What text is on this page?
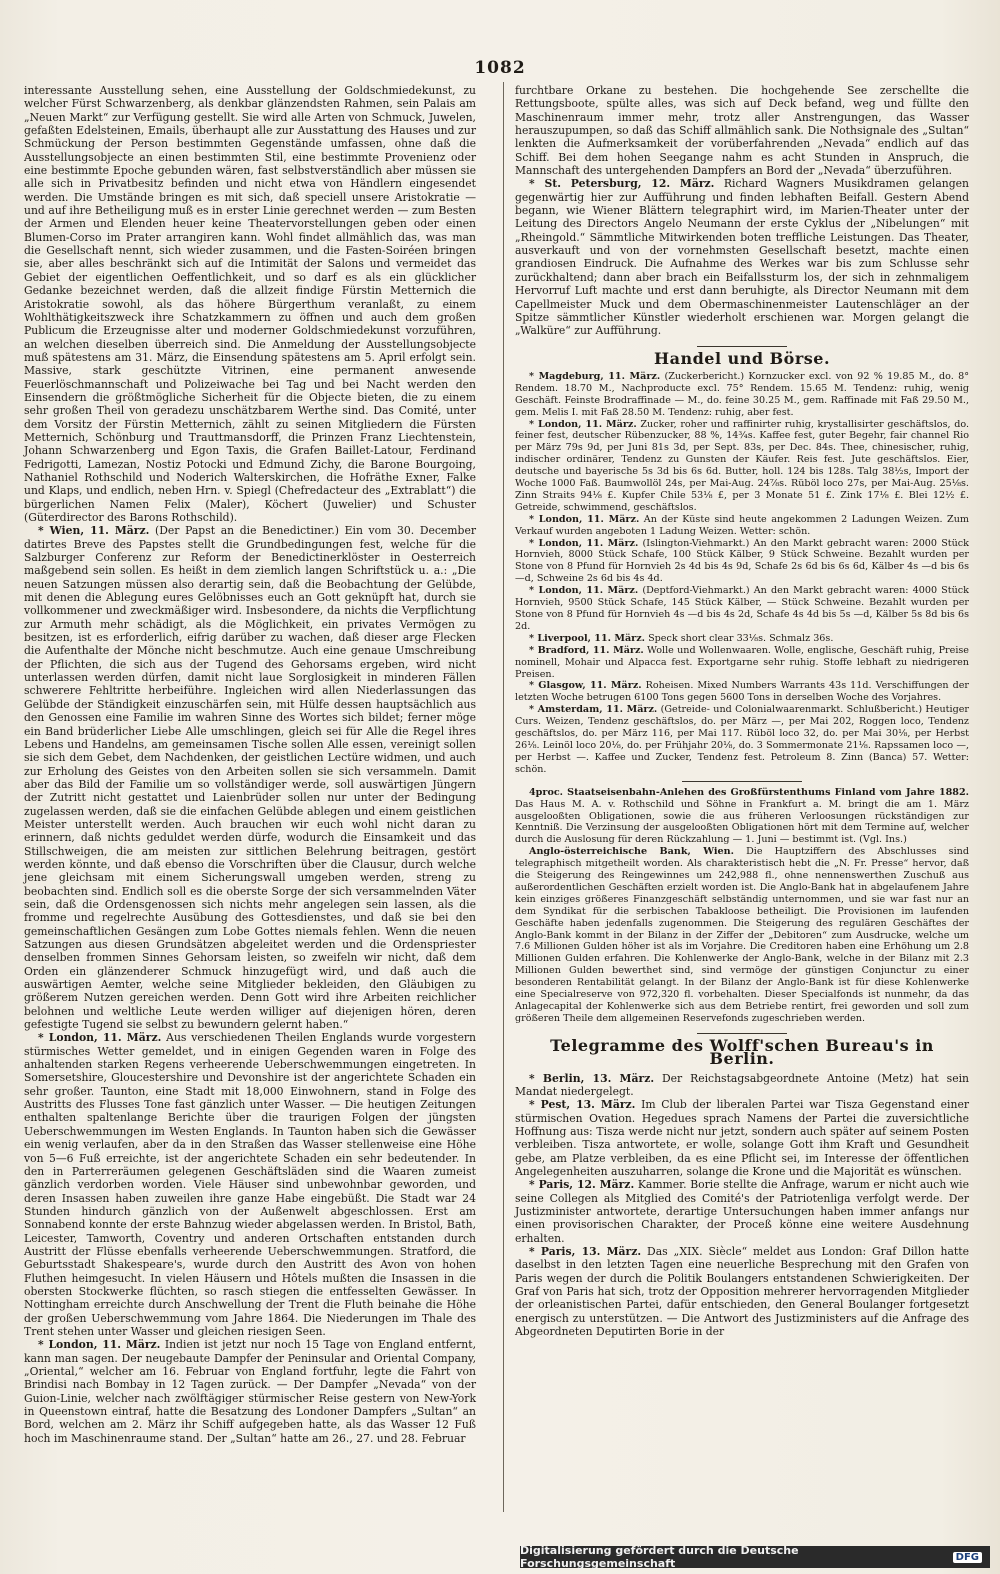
1082

interessante Ausstellung sehen, eine Ausstellung der Goldschmiedekunst, zu welcher Fürst Schwarzenberg, als denkbar glänzendsten Rahmen, sein Palais am „Neuen Markt“ zur Verfügung gestellt. Sie wird alle Arten von Schmuck, Juwelen, gefaßten Edelsteinen, Emails, überhaupt alle zur Ausstattung des Hauses und zur Schmückung der Person bestimmten Gegenstände umfassen, ohne daß die Ausstellungsobjecte an einen bestimmten Stil, eine bestimmte Provenienz oder eine bestimmte Epoche gebunden wären, fast selbstverständlich aber müssen sie alle sich in Privatbesitz befinden und nicht etwa von Händlern eingesendet werden. Die Umstände bringen es mit sich, daß speciell unsere Aristokratie — und auf ihre Betheiligung muß es in erster Linie gerechnet werden — zum Besten der Armen und Elenden heuer keine Theatervorstellungen geben oder einen Blumen-Corso im Prater arrangiren kann. Wohl findet allmählich das, was man die Gesellschaft nennt, sich wieder zusammen, und die Fasten-Soiréen bringen sie, aber alles beschränkt sich auf die Intimität der Salons und vermeidet das Gebiet der eigentlichen Oeffentlichkeit, und so darf es als ein glücklicher Gedanke bezeichnet werden, daß die allzeit findige Fürstin Metternich die Aristokratie sowohl, als das höhere Bürgerthum veranlaßt, zu einem Wohlthätigkeitszweck ihre Schatzkammern zu öffnen und auch dem großen Publicum die Erzeugnisse alter und moderner Goldschmiedekunst vorzuführen, an welchen dieselben überreich sind. Die Anmeldung der Ausstellungsobjecte muß spätestens am 31. März, die Einsendung spätestens am 5. April erfolgt sein. Massive, stark geschützte Vitrinen, eine permanent anwesende Feuerlöschmannschaft und Polizeiwache bei Tag und bei Nacht werden den Einsendern die größtmögliche Sicherheit für die Objecte bieten, die zu einem sehr großen Theil von geradezu unschätzbarem Werthe sind. Das Comité, unter dem Vorsitz der Fürstin Metternich, zählt zu seinen Mitgliedern die Fürsten Metternich, Schönburg und Trauttmansdorff, die Prinzen Franz Liechtenstein, Johann Schwarzenberg und Egon Taxis, die Grafen Baillet-Latour, Ferdinand Fedrigotti, Lamezan, Nostiz Potocki und Edmund Zichy, die Barone Bourgoing, Nathaniel Rothschild und Noderich Walterskirchen, die Hofräthe Exner, Falke und Klaps, und endlich, neben Hrn. v. Spiegl (Chefredacteur des „Extrablatt“) die bürgerlichen Namen Felix (Maler), Köchert (Juwelier) und Schuster (Güterdirector des Barons Rothschild).

* Wien, 11. März. (Der Papst an die Benedictiner.) Ein vom 30. December datirtes Breve des Papstes stellt die Grundbedingungen fest, welche für die Salzburger Conferenz zur Reform der Benedictinerklöster in Oesterreich maßgebend sein sollen. Es heißt in dem ziemlich langen Schriftstück u. a.: „Die neuen Satzungen müssen also derartig sein, daß die Beobachtung der Gelübde, mit denen die Ablegung eures Gelöbnisses euch an Gott geknüpft hat, durch sie vollkommener und zweckmäßiger wird. Insbesondere, da nichts die Verpflichtung zur Armuth mehr schädigt, als die Möglichkeit, ein privates Vermögen zu besitzen, ist es erforderlich, eifrig darüber zu wachen, daß dieser arge Flecken die Aufenthalte der Mönche nicht beschmutze. Auch eine genaue Umschreibung der Pflichten, die sich aus der Tugend des Gehorsams ergeben, wird nicht unterlassen werden dürfen, damit nicht laue Sorglosigkeit in minderen Fällen schwerere Fehltritte herbeiführe. Ingleichen wird allen Niederlassungen das Gelübde der Ständigkeit einzuschärfen sein, mit Hülfe dessen hauptsächlich aus den Genossen eine Familie im wahren Sinne des Wortes sich bildet; ferner möge ein Band brüderlicher Liebe Alle umschlingen, gleich sei für Alle die Regel ihres Lebens und Handelns, am gemeinsamen Tische sollen Alle essen, vereinigt sollen sie sich dem Gebet, dem Nachdenken, der geistlichen Lectüre widmen, und auch zur Erholung des Geistes von den Arbeiten sollen sie sich versammeln. Damit aber das Bild der Familie um so vollständiger werde, soll auswärtigen Jüngern der Zutritt nicht gestattet und Laienbrüder sollen nur unter der Bedingung zugelassen werden, daß sie die einfachen Gelübde ablegen und einem geistlichen Meister unterstellt werden. Auch brauchen wir euch wohl nicht daran zu erinnern, daß nichts geduldet werden dürfe, wodurch die Einsamkeit und das Stillschweigen, die am meisten zur sittlichen Belehrung beitragen, gestört werden könnte, und daß ebenso die Vorschriften über die Clausur, durch welche jene gleichsam mit einem Sicherungswall umgeben werden, streng zu beobachten sind. Endlich soll es die oberste Sorge der sich versammelnden Väter sein, daß die Ordensgenossen sich nichts mehr angelegen sein lassen, als die fromme und regelrechte Ausübung des Gottesdienstes, und daß sie bei den gemeinschaftlichen Gesängen zum Lobe Gottes niemals fehlen. Wenn die neuen Satzungen aus diesen Grundsätzen abgeleitet werden und die Ordenspriester denselben frommen Sinnes Gehorsam leisten, so zweifeln wir nicht, daß dem Orden ein glänzenderer Schmuck hinzugefügt wird, und daß auch die auswärtigen Aemter, welche seine Mitglieder bekleiden, den Gläubigen zu größerem Nutzen gereichen werden. Denn Gott wird ihre Arbeiten reichlicher belohnen und weltliche Leute werden williger auf diejenigen hören, deren gefestigte Tugend sie selbst zu bewundern gelernt haben.“

* London, 11. März. Aus verschiedenen Theilen Englands wurde vorgestern stürmisches Wetter gemeldet, und in einigen Gegenden waren in Folge des anhaltenden starken Regens verheerende Ueberschwemmungen eingetreten. In Somersetshire, Gloucestershire und Devonshire ist der angerichtete Schaden ein sehr großer. Taunton, eine Stadt mit 18,000 Einwohnern, stand in Folge des Austritts des Flusses Tone fast gänzlich unter Wasser. — Die heutigen Zeitungen enthalten spaltenlange Berichte über die traurigen Folgen der jüngsten Ueberschwemmungen im Westen Englands. In Taunton haben sich die Gewässer ein wenig verlaufen, aber da in den Straßen das Wasser stellenweise eine Höhe von 5—6 Fuß erreichte, ist der angerichtete Schaden ein sehr bedeutender. In den in Parterreräumen gelegenen Geschäftsläden sind die Waaren zumeist gänzlich verdorben worden. Viele Häuser sind unbewohnbar geworden, und deren Insassen haben zuweilen ihre ganze Habe eingebüßt. Die Stadt war 24 Stunden hindurch gänzlich von der Außenwelt abgeschlossen. Erst am Sonnabend konnte der erste Bahnzug wieder abgelassen werden. In Bristol, Bath, Leicester, Tamworth, Coventry und anderen Ortschaften entstanden durch Austritt der Flüsse ebenfalls verheerende Ueberschwemmungen. Stratford, die Geburtsstadt Shakespeare's, wurde durch den Austritt des Avon von hohen Fluthen heimgesucht. In vielen Häusern und Hôtels mußten die Insassen in die obersten Stockwerke flüchten, so rasch stiegen die entfesselten Gewässer. In Nottingham erreichte durch Anschwellung der Trent die Fluth beinahe die Höhe der großen Ueberschwemmung vom Jahre 1864. Die Niederungen im Thale des Trent stehen unter Wasser und gleichen riesigen Seen.

* London, 11. März. Indien ist jetzt nur noch 15 Tage von England entfernt, kann man sagen. Der neugebaute Dampfer der Peninsular and Oriental Company, „Oriental,“ welcher am 16. Februar von England fortfuhr, legte die Fahrt von Brindisi nach Bombay in 12 Tagen zurück. — Der Dampfer „Nevada“ von der Guion-Linie, welcher nach zwölftägiger stürmischer Reise gestern von New-York in Queenstown eintraf, hatte die Besatzung des Londoner Dampfers „Sultan“ an Bord, welchen am 2. März ihr Schiff aufgegeben hatte, als das Wasser 12 Fuß hoch im Maschinenraume stand. Der „Sultan“ hatte am 26., 27. und 28. Februar

furchtbare Orkane zu bestehen. Die hochgehende See zerschellte die Rettungsboote, spülte alles, was sich auf Deck befand, weg und füllte den Maschinenraum immer mehr, trotz aller Anstrengungen, das Wasser herauszupumpen, so daß das Schiff allmählich sank. Die Nothsignale des „Sultan“ lenkten die Aufmerksamkeit der vorüberfahrenden „Nevada“ endlich auf das Schiff. Bei dem hohen Seegange nahm es acht Stunden in Anspruch, die Mannschaft des untergehenden Dampfers an Bord der „Nevada“ überzuführen.

* St. Petersburg, 12. März. Richard Wagners Musikdramen gelangen gegenwärtig hier zur Aufführung und finden lebhaften Beifall. Gestern Abend begann, wie Wiener Blättern telegraphirt wird, im Marien-Theater unter der Leitung des Directors Angelo Neumann der erste Cyklus der „Nibelungen“ mit „Rheingold.“ Sämmtliche Mitwirkenden boten treffliche Leistungen. Das Theater, ausverkauft und von der vornehmsten Gesellschaft besetzt, machte einen grandiosen Eindruck. Die Aufnahme des Werkes war bis zum Schlusse sehr zurückhaltend; dann aber brach ein Beifallssturm los, der sich in zehnmaligem Hervorruf Luft machte und erst dann beruhigte, als Director Neumann mit dem Capellmeister Muck und dem Obermaschinenmeister Lautenschläger an der Spitze sämmtlicher Künstler wiederholt erschienen war. Morgen gelangt die „Walküre“ zur Aufführung.

Handel und Börse.

* Magdeburg, 11. März. (Zuckerbericht.) Kornzucker excl. von 92 % 19.85 M., do. 8° Rendem. 18.70 M., Nachproducte excl. 75° Rendem. 15.65 M. Tendenz: ruhig, wenig Geschäft. Feinste Brodraffinade — M., do. feine 30.25 M., gem. Raffinade mit Faß 29.50 M., gem. Melis I. mit Faß 28.50 M. Tendenz: ruhig, aber fest.

* London, 11. März. Zucker, roher und raffinirter ruhig, krystallisirter geschäftslos, do. feiner fest, deutscher Rübenzucker, 88 %, 14¾s. Kaffee fest, guter Begehr, fair channel Rio per März 79s 9d, per Juni 81s 3d, per Sept. 83s, per Dec. 84s. Thee, chinesischer, ruhig, indischer ordinärer, Tendenz zu Gunsten der Käufer. Reis fest. Jute geschäftslos. Eier, deutsche und bayerische 5s 3d bis 6s 6d. Butter, holl. 124 bis 128s. Talg 38½s, Import der Woche 1000 Faß. Baumwollöl 24s, per Mai-Aug. 24⅞s. Rüböl loco 27s, per Mai-Aug. 25⅛s. Zinn Straits 94⅛ £. Kupfer Chile 53⅛ £, per 3 Monate 51 £. Zink 17⅛ £. Blei 12½ £. Getreide, schwimmend, geschäftslos.

* London, 11. März. An der Küste sind heute angekommen 2 Ladungen Weizen. Zum Verkauf wurden angeboten 1 Ladung Weizen. Wetter: schön.

* London, 11. März. (Islington-Viehmarkt.) An den Markt gebracht waren: 2000 Stück Hornvieh, 8000 Stück Schafe, 100 Stück Kälber, 9 Stück Schweine. Bezahlt wurden per Stone von 8 Pfund für Hornvieh 2s 4d bis 4s 9d, Schafe 2s 6d bis 6s 6d, Kälber 4s —d bis 6s —d, Schweine 2s 6d bis 4s 4d.

* London, 11. März. (Deptford-Viehmarkt.) An den Markt gebracht waren: 4000 Stück Hornvieh, 9500 Stück Schafe, 145 Stück Kälber, — Stück Schweine. Bezahlt wurden per Stone von 8 Pfund für Hornvieh 4s —d bis 4s 2d, Schafe 4s 4d bis 5s —d, Kälber 5s 8d bis 6s 2d.

* Liverpool, 11. März. Speck short clear 33⅛s. Schmalz 36s.

* Bradford, 11. März. Wolle und Wollenwaaren. Wolle, englische, Geschäft ruhig, Preise nominell, Mohair und Alpacca fest. Exportgarne sehr ruhig. Stoffe lebhaft zu niedrigeren Preisen.

* Glasgow, 11. März. Roheisen. Mixed Numbers Warrants 43s 11d. Verschiffungen der letzten Woche betrugen 6100 Tons gegen 5600 Tons in derselben Woche des Vorjahres.

* Amsterdam, 11. März. (Getreide- und Colonialwaarenmarkt. Schlußbericht.) Heutiger Curs. Weizen, Tendenz geschäftslos, do. per März —, per Mai 202, Roggen loco, Tendenz geschäftslos, do. per März 116, per Mai 117. Rüböl loco 32, do. per Mai 30⅛, per Herbst 26⅛. Leinöl loco 20⅛, do. per Frühjahr 20⅛, do. 3 Sommermonate 21⅛. Rapssamen loco —, per Herbst —. Kaffee und Zucker, Tendenz fest. Petroleum 8. Zinn (Banca) 57. Wetter: schön.

4proc. Staatseisenbahn-Anlehen des Großfürstenthums Finland vom Jahre 1882. Das Haus M. A. v. Rothschild und Söhne in Frankfurt a. M. bringt die am 1. März ausgelooßten Obligationen, sowie die aus früheren Verloosungen rückständigen zur Kenntniß. Die Verzinsung der ausgelooßten Obligationen hört mit dem Termine auf, welcher durch die Auslosung für deren Rückzahlung — 1. Juni — bestimmt ist. (Vgl. Ins.)

Anglo-österreichische Bank, Wien. Die Hauptziffern des Abschlusses sind telegraphisch mitgetheilt worden. Als charakteristisch hebt die „N. Fr. Presse“ hervor, daß die Steigerung des Reingewinnes um 242,988 fl., ohne nennenswerthen Zuschuß aus außerordentlichen Geschäften erzielt worden ist. Die Anglo-Bank hat in abgelaufenem Jahre kein einziges größeres Finanzgeschäft selbständig unternommen, und sie war fast nur an dem Syndikat für die serbischen Tabakloose betheiligt. Die Provisionen im laufenden Geschäfte haben jedenfalls zugenommen. Die Steigerung des regulären Geschäftes der Anglo-Bank kommt in der Bilanz in der Ziffer der „Debitoren“ zum Ausdrucke, welche um 7.6 Millionen Gulden höher ist als im Vorjahre. Die Creditoren haben eine Erhöhung um 2.8 Millionen Gulden erfahren. Die Kohlenwerke der Anglo-Bank, welche in der Bilanz mit 2.3 Millionen Gulden bewerthet sind, sind vermöge der günstigen Conjunctur zu einer besonderen Rentabilität gelangt. In der Bilanz der Anglo-Bank ist für diese Kohlenwerke eine Specialreserve von 972,320 fl. vorbehalten. Dieser Specialfonds ist nunmehr, da das Anlagecapital der Kohlenwerke sich aus dem Betriebe rentirt, frei geworden und soll zum größeren Theile dem allgemeinen Reservefonds zugeschrieben werden.

Telegramme des Wolff'schen Bureau's in Berlin.

* Berlin, 13. März. Der Reichstagsabgeordnete Antoine (Metz) hat sein Mandat niedergelegt.

* Pest, 13. März. Im Club der liberalen Partei war Tisza Gegenstand einer stürmischen Ovation. Hegedues sprach Namens der Partei die zuversichtliche Hoffnung aus: Tisza werde nicht nur jetzt, sondern auch später auf seinem Posten verbleiben. Tisza antwortete, er wolle, solange Gott ihm Kraft und Gesundheit gebe, am Platze verbleiben, da es eine Pflicht sei, im Interesse der öffentlichen Angelegenheiten auszuharren, solange die Krone und die Majorität es wünschen.

* Paris, 12. März. Kammer. Borie stellte die Anfrage, warum er nicht auch wie seine Collegen als Mitglied des Comité's der Patriotenliga verfolgt werde. Der Justizminister antwortete, derartige Untersuchungen haben immer anfangs nur einen provisorischen Charakter, der Proceß könne eine weitere Ausdehnung erhalten.

* Paris, 13. März. Das „XIX. Siècle“ meldet aus London: Graf Dillon hatte daselbst in den letzten Tagen eine neuerliche Besprechung mit den Grafen von Paris wegen der durch die Politik Boulangers entstandenen Schwierigkeiten. Der Graf von Paris hat sich, trotz der Opposition mehrerer hervorragenden Mitglieder der orleanistischen Partei, dafür entschieden, den General Boulanger fortgesetzt energisch zu unterstützen. — Die Antwort des Justizministers auf die Anfrage des Abgeordneten Deputirten Borie in der

Digitalisierung gefördert durch die Deutsche Forschungsgemeinschaft	DFG
